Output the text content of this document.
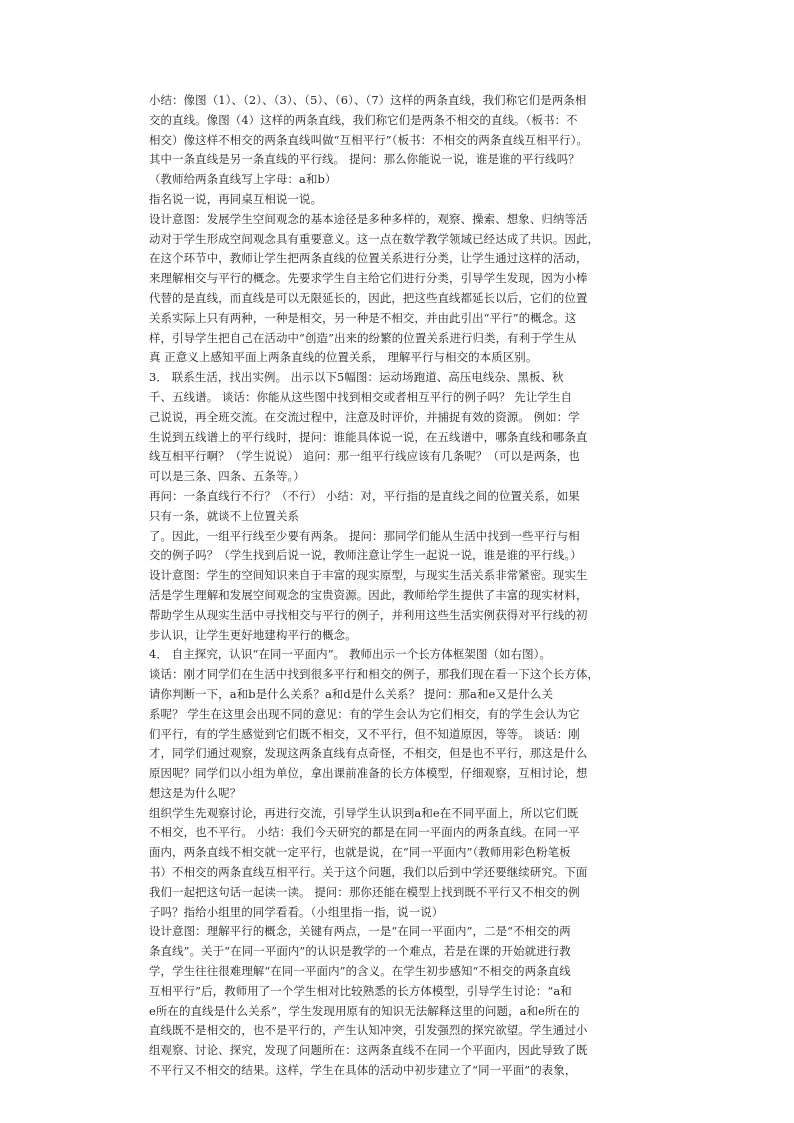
小结：像图（1）、（2）、（3）、（5）、（6）、（7）这样的两条直线，我们称它们是两条相
交的直线。像图（4）这样的两条直线，我们称它们是两条不相交的直线。（板书：不
相交）像这样不相交的两条直线叫做“互相平行”（板书：不相交的两条直线互相平行）。
其中一条直线是另一条直线的平行线。 提问：那么你能说一说，谁是谁的平行线吗？
（教师给两条直线写上字母：a和b）
指名说一说，再同桌互相说一说。
设计意图：发展学生空间观念的基本途径是多种多样的，观察、操索、想象、归纳等活
动对于学生形成空间观念具有重要意义。这一点在数学教学领域已经达成了共识。因此，
在这个环节中，教师让学生把两条直线的位置关系进行分类，让学生通过这样的活动，
来理解相交与平行的概念。先要求学生自主给它们进行分类，引导学生发现，因为小棒
代替的是直线，而直线是可以无限延长的，因此，把这些直线都延长以后，它们的位置
关系实际上只有两种，一种是相交，另一种是不相交，并由此引出“平行”的概念。这
样，引导学生把自己在活动中“创造”出来的纷繁的位置关系进行归类，有利于学生从
真 正意义上感知平面上两条直线的位置关系， 理解平行与相交的本质区别。
3． 联系生活，找出实例。 出示以下5幅图：运动场跑道、高压电线杂、黑板、秋
千、五线谱。 谈话：你能从这些图中找到相交或者相互平行的例子吗？ 先让学生自
己说说，再全班交流。在交流过程中，注意及时评价，并捕捉有效的资源。 例如：学
生说到五线谱上的平行线时，提问：谁能具体说一说，在五线谱中，哪条直线和哪条直
线互相平行啊？（学生说说） 追问：那一组平行线应该有几条呢？（可以是两条，也
可以是三条、四条、五条等。）
再问：一条直线行不行？（不行） 小结：对，平行指的是直线之间的位置关系，如果
只有一条，就谈不上位置关系
了。因此，一组平行线至少要有两条。 提问：那同学们能从生活中找到一些平行与相
交的例子吗？（学生找到后说一说，教师注意让学生一起说一说，谁是谁的平行线。）
设计意图：学生的空间知识来自于丰富的现实原型，与现实生活关系非常紧密。现实生
活是学生理解和发展空间观念的宝贵资源。因此，教师给学生提供了丰富的现实材料，
帮助学生从现实生活中寻找相交与平行的例子，并利用这些生活实例获得对平行线的初
步认识，让学生更好地建构平行的概念。
4． 自主探究，认识“在同一平面内”。 教师出示一个长方体框架图（如右图）。
谈话：刚才同学们在生活中找到很多平行和相交的例子，那我们现在看一下这个长方体，
请你判断一下，a和b是什么关系？a和d是什么关系？ 提问：那a和e又是什么关
系呢？ 学生在这里会出现不同的意见：有的学生会认为它们相交，有的学生会认为它
们平行，有的学生感觉到它们既不相交，又不平行，但不知道原因，等等。 谈话：刚
才，同学们通过观察，发现这两条直线有点奇怪，不相交，但是也不平行，那这是什么
原因呢？同学们以小组为单位，拿出课前准备的长方体模型，仔细观察，互相讨论，想
想这是为什么呢？
组织学生先观察讨论，再进行交流，引导学生认识到a和e在不同平面上，所以它们既
不相交，也不平行。 小结：我们今天研究的都是在同一平面内的两条直线。在同一平
面内，两条直线不相交就一定平行，也就是说，在“同一平面内”（教师用彩色粉笔板
书）不相交的两条直线互相平行。关于这个问题，我们以后到中学还要继续研究。下面
我们一起把这句话一起读一读。 提问：那你还能在模型上找到既不平行又不相交的例
子吗？指给小组里的同学看看。（小组里指一指，说一说）
设计意图：理解平行的概念，关键有两点，一是“在同一平面内”，二是“不相交的两
条直线”。关于“在同一平面内”的认识是教学的一个难点，若是在课的开始就进行教
学，学生往往很难理解“在同一平面内”的含义。在学生初步感知“不相交的两条直线
互相平行”后，教师用了一个学生相对比较熟悉的长方体模型，引导学生讨论：“a和
e所在的直线是什么关系”，学生发现用原有的知识无法解释这里的问题，a和e所在的
直线既不是相交的，也不是平行的，产生认知冲突，引发强烈的探究欲望。学生通过小
组观察、讨论、探究，发现了问题所在：这两条直线不在同一个平面内，因此导致了既
不平行又不相交的结果。这样，学生在具体的活动中初步建立了“同一平面”的表象，
